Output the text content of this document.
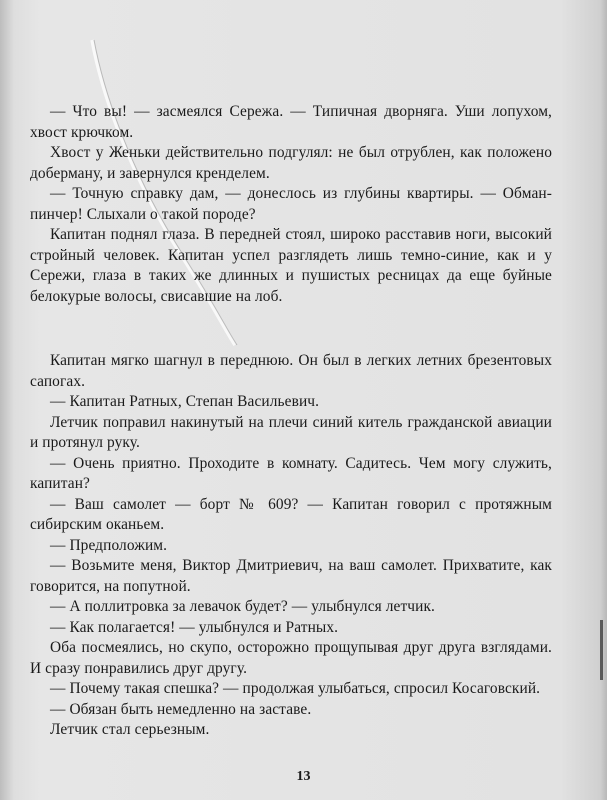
— Что вы! — засмеялся Сережа. — Типичная дворняга. Уши лопухом, хвост крючком.

Хвост у Женьки действительно подгулял: не был отрублен, как положено доберману, и завернулся кренделем.

— Точную справку дам, — донеслось из глубины квартиры. — Обман-пинчер! Слыхали о такой породе?

Капитан поднял глаза. В передней стоял, широко расставив ноги, высокий стройный человек. Капитан успел разглядеть лишь темно-синие, как и у Сережи, глаза в таких же длинных и пушистых ресницах да еще буйные белокурые волосы, свисавшие на лоб.

Капитан мягко шагнул в переднюю. Он был в легких летних брезентовых сапогах.

— Капитан Ратных, Степан Васильевич.

Летчик поправил накинутый на плечи синий китель гражданской авиации и протянул руку.

— Очень приятно. Проходите в комнату. Садитесь. Чем могу служить, капитан?

— Ваш самолет — борт № 609? — Капитан говорил с протяжным сибирским оканьем.

— Предположим.

— Возьмите меня, Виктор Дмитриевич, на ваш самолет. Прихватите, как говорится, на попутной.

— А поллитровка за левачок будет? — улыбнулся летчик.

— Как полагается! — улыбнулся и Ратных.

Оба посмеялись, но скупо, осторожно прощупывая друг друга взглядами. И сразу понравились друг другу.

— Почему такая спешка? — продолжая улыбаться, спросил Косаговский.

— Обязан быть немедленно на заставе.

Летчик стал серьезным.

13
